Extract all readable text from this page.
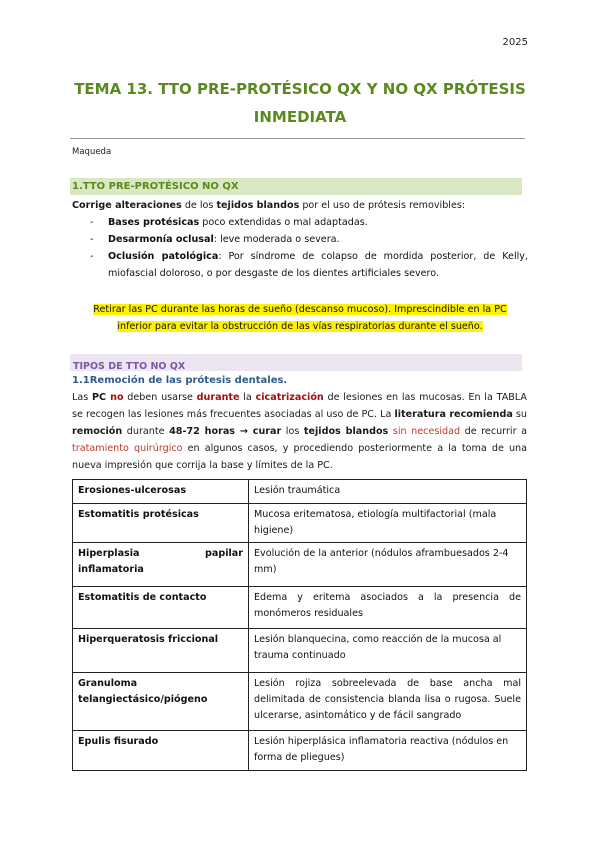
2025
TEMA 13. TTO PRE-PROTÉSICO QX Y NO QX PRÓTESIS INMEDIATA
Maqueda
1.TTO PRE-PROTÉSICO NO QX
Corrige alteraciones de los tejidos blandos por el uso de prótesis removibles:
- Bases protésicas poco extendidas o mal adaptadas.
- Desarmonía oclusal: leve moderada o severa.
- Oclusión patológica: Por síndrome de colapso de mordida posterior, de Kelly, miofascial doloroso, o por desgaste de los dientes artificiales severo.
Retirar las PC durante las horas de sueño (descanso mucoso). Imprescindible en la PC
inferior para evitar la obstrucción de las vías respiratorias durante el sueño.
TIPOS DE TTO NO QX
1.1Remoción de las prótesis dentales.
Las PC no deben usarse durante la cicatrización de lesiones en las mucosas. En la TABLA se recogen las lesiones más frecuentes asociadas al uso de PC. La literatura recomienda su remoción durante 48-72 horas → curar los tejidos blandos sin necesidad de recurrir a tratamiento quirúrgico en algunos casos, y procediendo posteriormente a la toma de una nueva impresión que corrija la base y límites de la PC.
Erosiones-ulcerosas	Lesión traumática
Estomatitis protésicas	Mucosa eritematosa, etiología multifactorial (mala higiene)

Hiperplasia papilar
inflamatoria	Evolución de la anterior (nódulos aframbuesados 2-4 mm)
Estomatitis de contacto	Edema y eritema asociados a la presencia de monómeros residuales
Hiperqueratosis friccional	Lesión blanquecina, como reacción de la mucosa al trauma continuado

Granuloma
telangiectásico/piógeno	Lesión rojiza sobreelevada de base ancha mal delimitada de consistencia blanda lisa o rugosa. Suele ulcerarse, asintomático y de fácil sangrado
Epulis fisurado	Lesión hiperplásica inflamatoria reactiva (nódulos en forma de pliegues)
